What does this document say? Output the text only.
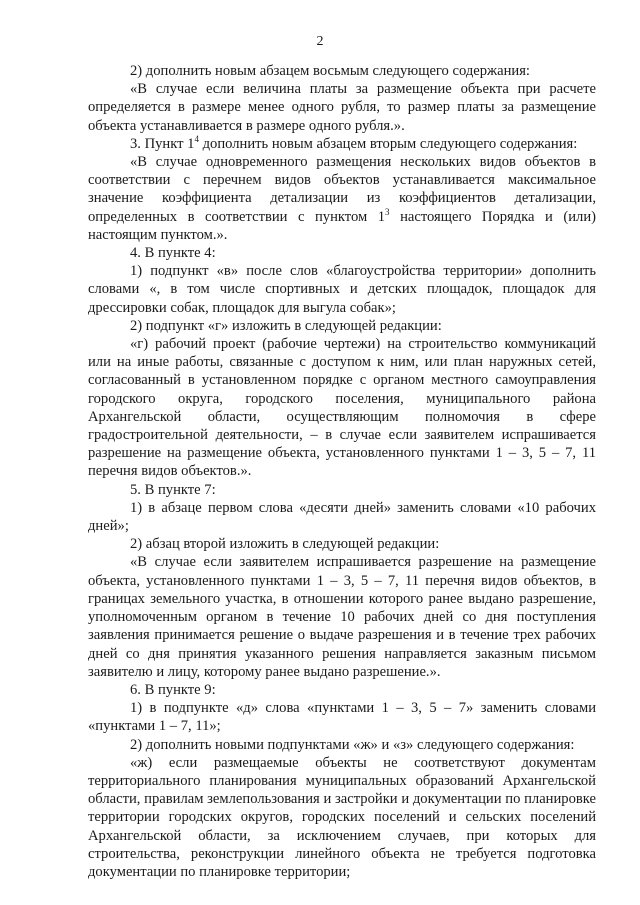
2

2) дополнить новым абзацем восьмым следующего содержания:

«В случае если величина платы за размещение объекта при расчете определяется в размере менее одного рубля, то размер платы за размещение объекта устанавливается в размере одного рубля.».

3. Пункт $1^4$ дополнить новым абзацем вторым следующего содержания:

«В случае одновременного размещения нескольких видов объектов в соответствии с перечнем видов объектов устанавливается максимальное значение коэффициента детализации из коэффициентов детализации, определенных в соответствии с пунктом $1^3$ настоящего Порядка и (или) настоящим пунктом.».

4. В пункте 4:

1) подпункт «в» после слов «благоустройства территории» дополнить словами «, в том числе спортивных и детских площадок, площадок для дрессировки собак, площадок для выгула собак»;

2) подпункт «г» изложить в следующей редакции:

«г) рабочий проект (рабочие чертежи) на строительство коммуникаций или на иные работы, связанные с доступом к ним, или план наружных сетей, согласованный в установленном порядке с органом местного самоуправления городского округа, городского поселения, муниципального района Архангельской области, осуществляющим полномочия в сфере градостроительной деятельности, – в случае если заявителем испрашивается разрешение на размещение объекта, установленного пунктами 1 – 3, 5 – 7, 11 перечня видов объектов.».

5. В пункте 7:

1) в абзаце первом слова «десяти дней» заменить словами «10 рабочих дней»;

2) абзац второй изложить в следующей редакции:

«В случае если заявителем испрашивается разрешение на размещение объекта, установленного пунктами 1 – 3, 5 – 7, 11 перечня видов объектов, в границах земельного участка, в отношении которого ранее выдано разрешение, уполномоченным органом в течение 10 рабочих дней со дня поступления заявления принимается решение о выдаче разрешения и в течение трех рабочих дней со дня принятия указанного решения направляется заказным письмом заявителю и лицу, которому ранее выдано разрешение.».

6. В пункте 9:

1) в подпункте «д» слова «пунктами 1 – 3, 5 – 7» заменить словами «пунктами 1 – 7, 11»;

2) дополнить новыми подпунктами «ж» и «з» следующего содержания:

«ж) если размещаемые объекты не соответствуют документам территориального планирования муниципальных образований Архангельской области, правилам землепользования и застройки и документации по планировке территории городских округов, городских поселений и сельских поселений Архангельской области, за исключением случаев, при которых для строительства, реконструкции линейного объекта не требуется подготовка документации по планировке территории;
